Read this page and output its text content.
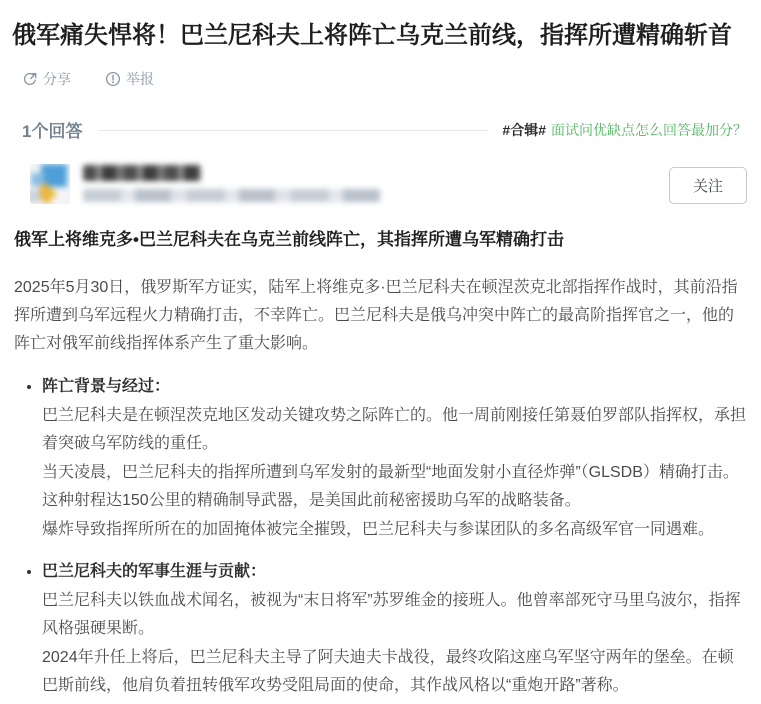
俄军痛失悍将！巴兰尼科夫上将阵亡乌克兰前线，指挥所遭精确斩首
分享	举报
1个回答	#合辑# 面试问优缺点怎么回答最加分？
关注
俄军上将维克多•巴兰尼科夫在乌克兰前线阵亡，其指挥所遭乌军精确打击

2025年5月30日，俄罗斯军方证实，陆军上将维克多·巴兰尼科夫在顿涅茨克北部指挥作战时，其前沿指挥所遭到乌军远程火力精确打击，不幸阵亡。巴兰尼科夫是俄乌冲突中阵亡的最高阶指挥官之一，他的阵亡对俄军前线指挥体系产生了重大影响。

• 阵亡背景与经过：

巴兰尼科夫是在顿涅茨克地区发动关键攻势之际阵亡的。他一周前刚接任第聂伯罗部队指挥权，承担着突破乌军防线的重任。

当天凌晨，巴兰尼科夫的指挥所遭到乌军发射的最新型“地面发射小直径炸弹”（GLSDB）精确打击。这种射程达150公里的精确制导武器，是美国此前秘密援助乌军的战略装备。

爆炸导致指挥所所在的加固掩体被完全摧毁，巴兰尼科夫与参谋团队的多名高级军官一同遇难。

• 巴兰尼科夫的军事生涯与贡献：

巴兰尼科夫以铁血战术闻名，被视为“末日将军”苏罗维金的接班人。他曾率部死守马里乌波尔，指挥风格强硬果断。

2024年升任上将后，巴兰尼科夫主导了阿夫迪夫卡战役，最终攻陷这座乌军坚守两年的堡垒。在顿巴斯前线，他肩负着扭转俄军攻势受阻局面的使命，其作战风格以“重炮开路”著称。
